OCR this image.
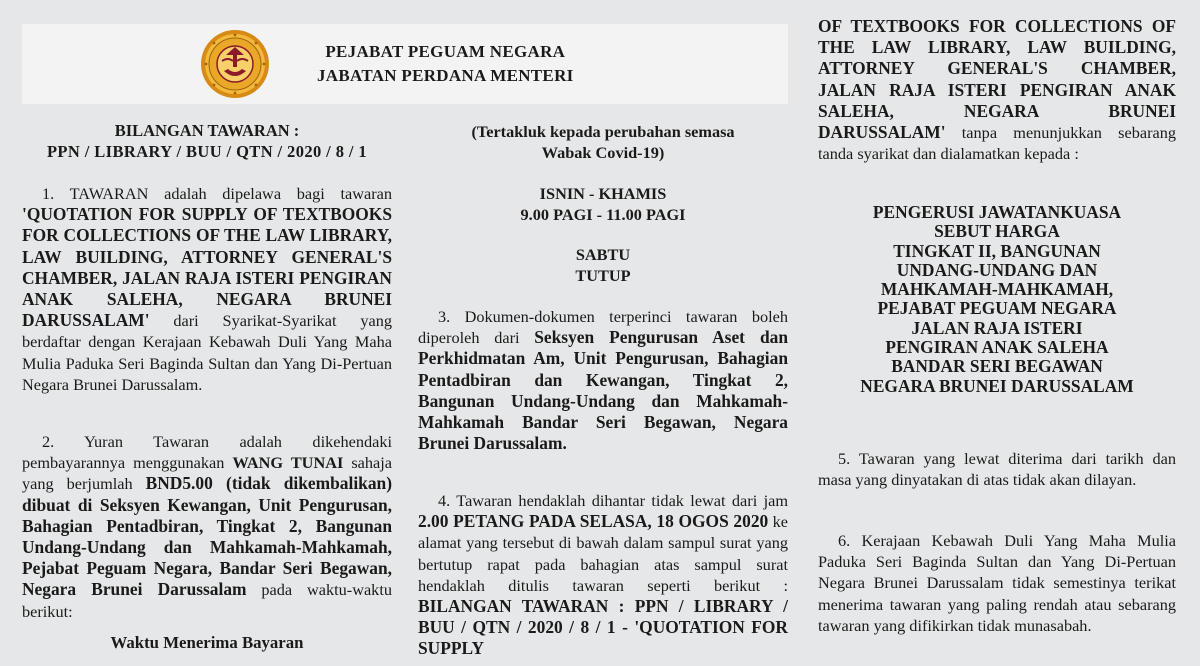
PEJABAT PEGUAM NEGARA
JABATAN PERDANA MENTERI

BILANGAN TAWARAN :

PPN / LIBRARY / BUU / QTN / 2020 / 8 / 1

1. TAWARAN adalah dipelawa bagi tawaran 'QUOTATION FOR SUPPLY OF TEXTBOOKS FOR COLLECTIONS OF THE LAW LIBRARY, LAW BUILDING, ATTORNEY GENERAL'S CHAMBER, JALAN RAJA ISTERI PENGIRAN ANAK SALEHA, NEGARA BRUNEI DARUSSALAM' dari Syarikat-Syarikat yang berdaftar dengan Kerajaan Kebawah Duli Yang Maha Mulia Paduka Seri Baginda Sultan dan Yang Di-Pertuan Negara Brunei Darussalam.

2. Yuran Tawaran adalah dikehendaki pembayarannya menggunakan WANG TUNAI sahaja yang berjumlah BND5.00 (tidak dikembalikan) dibuat di Seksyen Kewangan, Unit Pengurusan, Bahagian Pentadbiran, Tingkat 2, Bangunan Undang-Undang dan Mahkamah-Mahkamah, Pejabat Peguam Negara, Bandar Seri Begawan, Negara Brunei Darussalam pada waktu-waktu berikut:

Waktu Menerima Bayaran

(Tertakluk kepada perubahan semasa

Wabak Covid-19)

ISNIN - KHAMIS

9.00 PAGI - 11.00 PAGI

SABTU

TUTUP

3. Dokumen-dokumen terperinci tawaran boleh diperoleh dari Seksyen Pengurusan Aset dan Perkhidmatan Am, Unit Pengurusan, Bahagian Pentadbiran dan Kewangan, Tingkat 2, Bangunan Undang-Undang dan Mahkamah-Mahkamah Bandar Seri Begawan, Negara Brunei Darussalam.

4. Tawaran hendaklah dihantar tidak lewat dari jam 2.00 PETANG PADA SELASA, 18 OGOS 2020 ke alamat yang tersebut di bawah dalam sampul surat yang bertutup rapat pada bahagian atas sampul surat hendaklah ditulis tawaran seperti berikut : BILANGAN TAWARAN : PPN / LIBRARY / BUU / QTN / 2020 / 8 / 1 - 'QUOTATION FOR SUPPLY

OF TEXTBOOKS FOR COLLECTIONS OF THE LAW LIBRARY, LAW BUILDING, ATTORNEY GENERAL'S CHAMBER, JALAN RAJA ISTERI PENGIRAN ANAK SALEHA, NEGARA BRUNEI DARUSSALAM' tanpa menunjukkan sebarang tanda syarikat dan dialamatkan kepada :

PENGERUSI JAWATANKUASA

SEBUT HARGA

TINGKAT II, BANGUNAN

UNDANG-UNDANG DAN

MAHKAMAH-MAHKAMAH,

PEJABAT PEGUAM NEGARA

JALAN RAJA ISTERI

PENGIRAN ANAK SALEHA

BANDAR SERI BEGAWAN

NEGARA BRUNEI DARUSSALAM

5. Tawaran yang lewat diterima dari tarikh dan masa yang dinyatakan di atas tidak akan dilayan.

6. Kerajaan Kebawah Duli Yang Maha Mulia Paduka Seri Baginda Sultan dan Yang Di-Pertuan Negara Brunei Darussalam tidak semestinya terikat menerima tawaran yang paling rendah atau sebarang tawaran yang difikirkan tidak munasabah.
